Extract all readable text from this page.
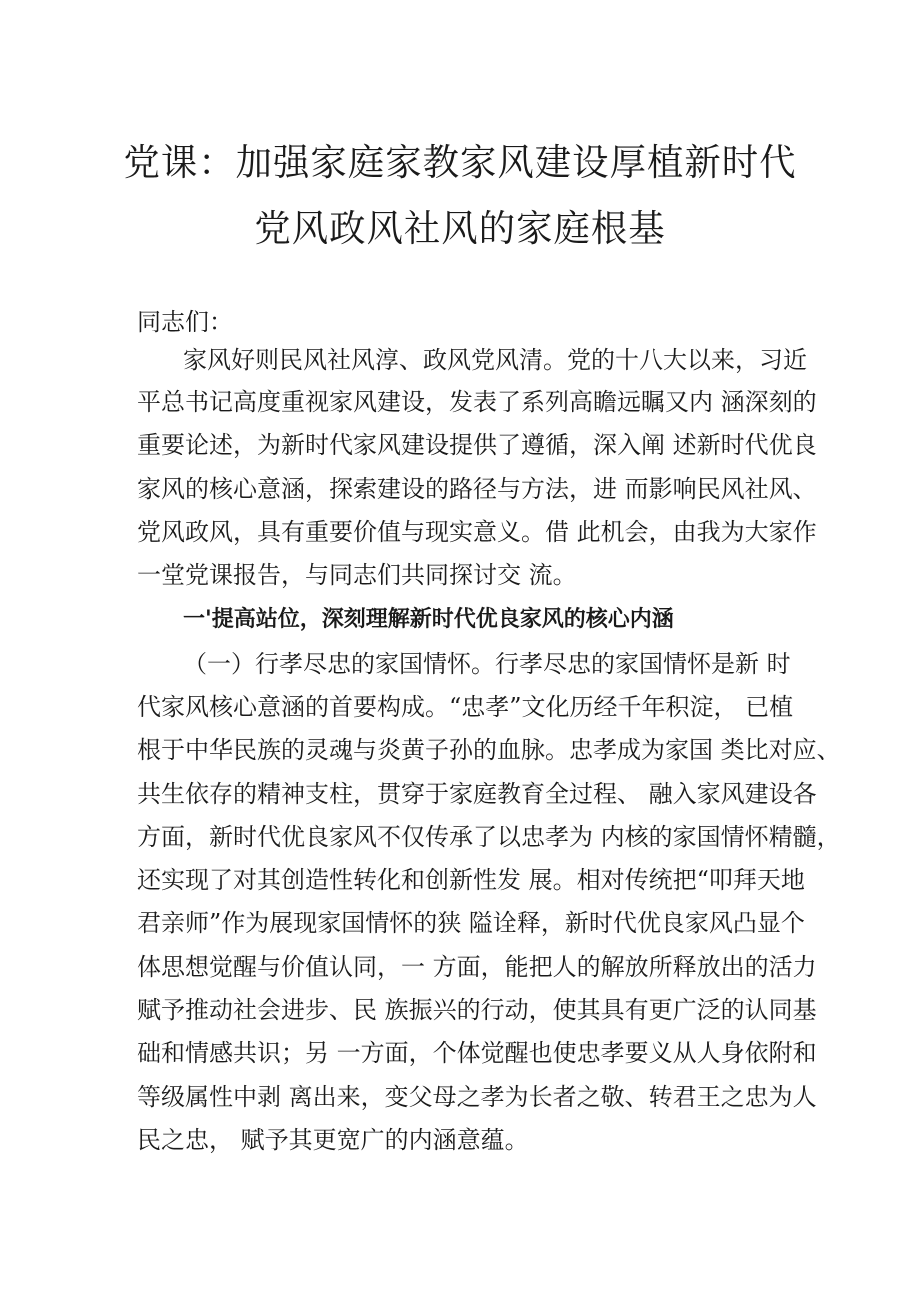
党课：加强家庭家教家风建设厚植新时代
党风政风社风的家庭根基
同志们：
家风好则民风社风淳、政风党风清。党的十八大以来，习近
平总书记高度重视家风建设，发表了系列高瞻远瞩又内 涵深刻的
重要论述，为新时代家风建设提供了遵循，深入阐 述新时代优良
家风的核心意涵，探索建设的路径与方法，进 而影响民风社风、
党风政风，具有重要价值与现实意义。借 此机会，由我为大家作
一堂党课报告，与同志们共同探讨交 流。
一'提高站位，深刻理解新时代优良家风的核心内涵
（一）行孝尽忠的家国情怀。行孝尽忠的家国情怀是新 时
代家风核心意涵的首要构成。“忠孝”文化历经千年积淀， 已植
根于中华民族的灵魂与炎黄子孙的血脉。忠孝成为家国 类比对应、
共生依存的精神支柱，贯穿于家庭教育全过程、 融入家风建设各
方面，新时代优良家风不仅传承了以忠孝为 内核的家国情怀精髓，
还实现了对其创造性转化和创新性发 展。相对传统把“叩拜天地
君亲师”作为展现家国情怀的狭 隘诠释，新时代优良家风凸显个
体思想觉醒与价值认同，一 方面，能把人的解放所释放出的活力
赋予推动社会进步、民 族振兴的行动，使其具有更广泛的认同基
础和情感共识；另 一方面，个体觉醒也使忠孝要义从人身依附和
等级属性中剥 离出来，变父母之孝为长者之敬、转君王之忠为人
民之忠， 赋予其更宽广的内涵意蕴。
